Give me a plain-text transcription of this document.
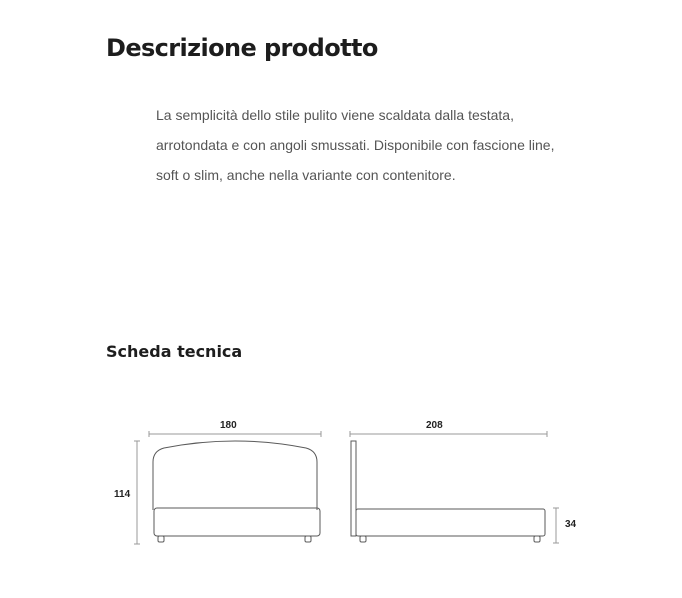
Descrizione prodotto

La semplicità dello stile pulito viene scaldata dalla testata, arrotondata e con angoli smussati. Disponibile con fascione line, soft o slim, anche nella variante con contenitore.

Scheda tecnica
180
114
208
34
